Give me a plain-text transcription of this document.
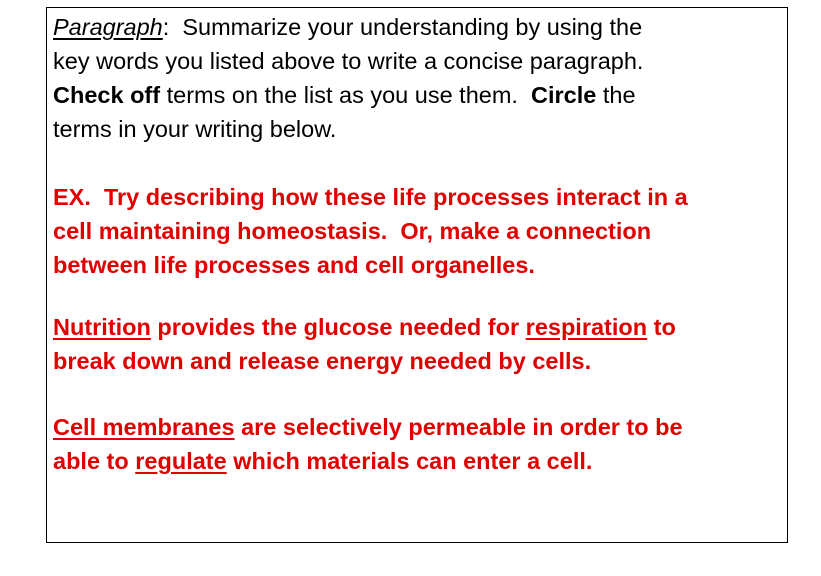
Paragraph:  Summarize your understanding by using the
key words you listed above to write a concise paragraph.
Check off terms on the list as you use them.  Circle the
terms in your writing below.
EX.  Try describing how these life processes interact in a
cell maintaining homeostasis.  Or, make a connection
between life processes and cell organelles.
Nutrition provides the glucose needed for respiration to
break down and release energy needed by cells.
Cell membranes are selectively permeable in order to be
able to regulate which materials can enter a cell.
